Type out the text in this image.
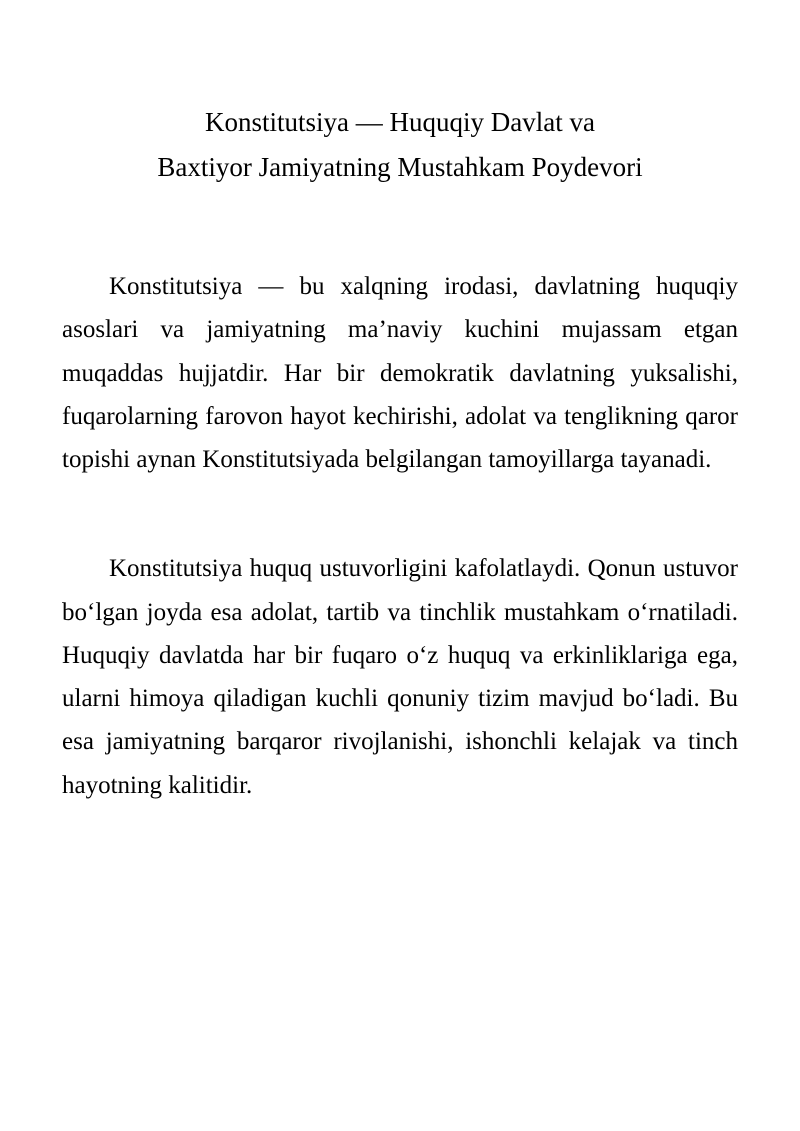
Konstitutsiya — Huquqiy Davlat va
Baxtiyor Jamiyatning Mustahkam Poydevori

Konstitutsiya — bu xalqning irodasi, davlatning huquqiy asoslari va jamiyatning ma’naviy kuchini mujassam etgan muqaddas hujjatdir. Har bir demokratik davlatning yuksalishi, fuqarolarning farovon hayot kechirishi, adolat va tenglikning qaror topishi aynan Konstitutsiyada belgilangan tamoyillarga tayanadi.

Konstitutsiya huquq ustuvorligini kafolatlaydi. Qonun ustuvor boʻlgan joyda esa adolat, tartib va tinchlik mustahkam oʻrnatiladi. Huquqiy davlatda har bir fuqaro oʻz huquq va erkinliklariga ega, ularni himoya qiladigan kuchli qonuniy tizim mavjud boʻladi. Bu esa jamiyatning barqaror rivojlanishi, ishonchli kelajak va tinch hayotning kalitidir.
